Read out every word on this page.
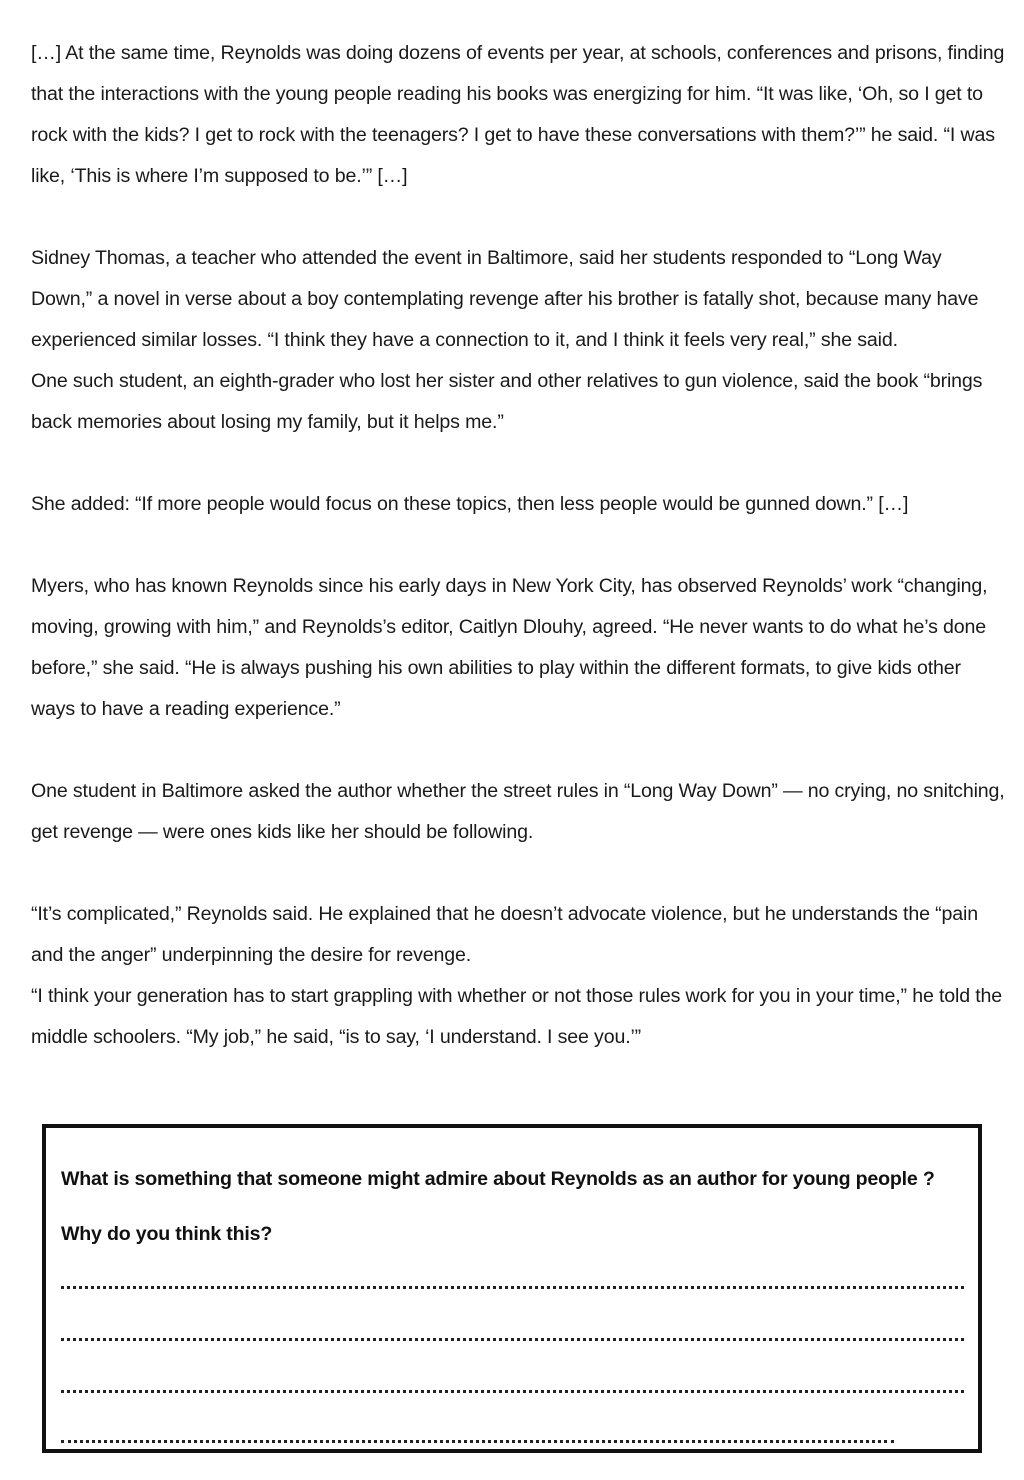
[…] At the same time, Reynolds was doing dozens of events per year, at schools, conferences and prisons, finding that the interactions with the young people reading his books was energizing for him. “It was like, ‘Oh, so I get to rock with the kids? I get to rock with the teenagers? I get to have these conversations with them?’” he said. “I was like, ‘This is where I’m supposed to be.’” […]

Sidney Thomas, a teacher who attended the event in Baltimore, said her students responded to “Long Way Down,” a novel in verse about a boy contemplating revenge after his brother is fatally shot, because many have experienced similar losses. “I think they have a connection to it, and I think it feels very real,” she said.

One such student, an eighth-grader who lost her sister and other relatives to gun violence, said the book “brings back memories about losing my family, but it helps me.”

She added: “If more people would focus on these topics, then less people would be gunned down.” […]

Myers, who has known Reynolds since his early days in New York City, has observed Reynolds’ work “changing, moving, growing with him,” and Reynolds’s editor, Caitlyn Dlouhy, agreed. “He never wants to do what he’s done before,” she said. “He is always pushing his own abilities to play within the different formats, to give kids other ways to have a reading experience.”

One student in Baltimore asked the author whether the street rules in “Long Way Down” — no crying, no snitching, get revenge — were ones kids like her should be following.

“It’s complicated,” Reynolds said. He explained that he doesn’t advocate violence, but he understands the “pain and the anger” underpinning the desire for revenge.

“I think your generation has to start grappling with whether or not those rules work for you in your time,” he told the middle schoolers. “My job,” he said, “is to say, ‘I understand. I see you.’”

What is something that someone might admire about Reynolds as an author for young people ?
Why do you think this?
